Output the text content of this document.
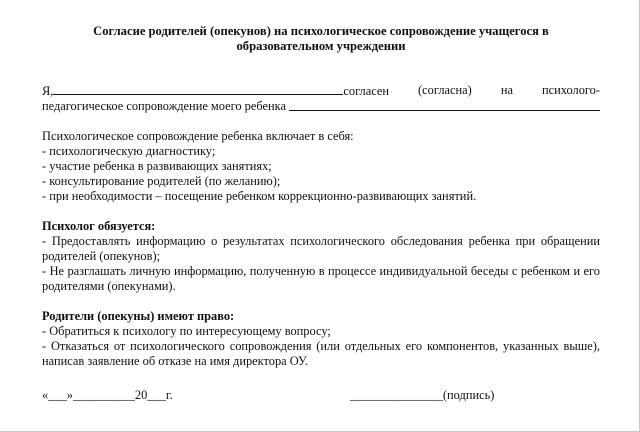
Согласие родителей (опекунов) на психологическое сопровождение учащегося в
образовательном учреждении
Я,	согласен (согласна) на психолого-
педагогическое сопровождение моего ребенка

Психологическое сопровождение ребенка включает в себя:

- психологическую диагностику;

- участие ребенка в развивающих занятиях;

- консультирование родителей (по желанию);

- при необходимости – посещение ребенком коррекционно-развивающих занятий.

Психолог обязуется:

- Предоставлять информацию о результатах психологического обследования ребенка при обращении родителей (опекунов);

- Не разглашать личную информацию, полученную в процессе индивидуальной беседы с ребенком и его родителями (опекунами).

Родители (опекуны) имеют право:

- Обратиться к психологу по интересующему вопросу;

- Отказаться от психологического сопровождения (или отдельных его компонентов, указанных выше), написав заявление об отказе на имя директора ОУ.

«___»__________20___г.	_______________(подпись)
